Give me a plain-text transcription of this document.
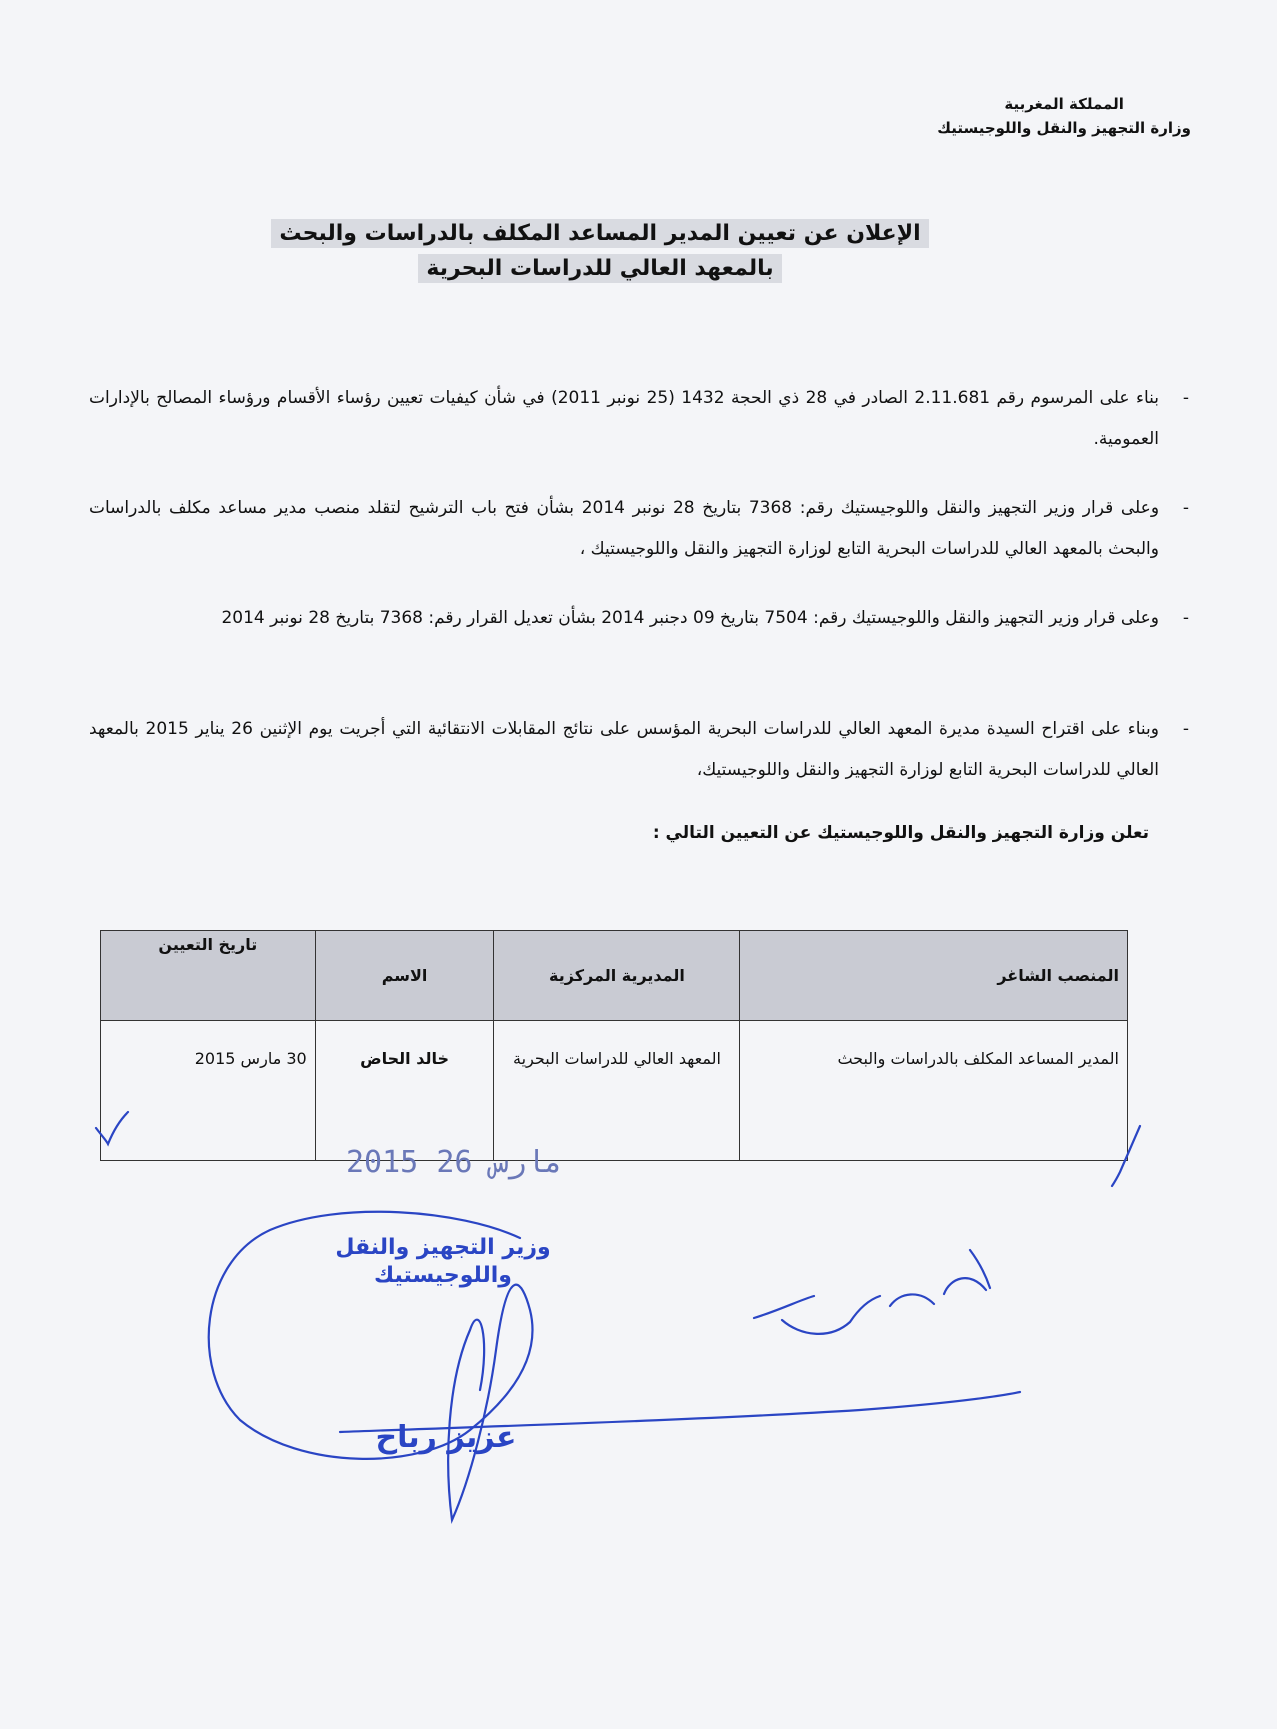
المملكة المغربية
وزارة التجهيز والنقل واللوجيستيك
الإعلان عن تعيين المدير المساعد المكلف بالدراسات والبحث
بالمعهد العالي للدراسات البحرية
-
بناء على المرسوم رقم 2.11.681 الصادر في 28 ذي الحجة 1432 (25 نونبر 2011) في شأن كيفيات تعيين رؤساء الأقسام ورؤساء المصالح بالإدارات العمومية.
-
وعلى قرار وزير التجهيز والنقل واللوجيستيك رقم: 7368 بتاريخ 28 نونبر 2014 بشأن فتح باب الترشيح لتقلد منصب مدير مساعد مكلف بالدراسات والبحث بالمعهد العالي للدراسات البحرية التابع لوزارة التجهيز والنقل واللوجيستيك ،
-
وعلى قرار وزير التجهيز والنقل واللوجيستيك رقم: 7504 بتاريخ 09 دجنبر 2014 بشأن تعديل القرار رقم: 7368 بتاريخ 28 نونبر 2014
-
وبناء على اقتراح السيدة مديرة المعهد العالي للدراسات البحرية المؤسس على نتائج المقابلات الانتقائية التي أجريت يوم الإثنين 26 يناير 2015 بالمعهد العالي للدراسات البحرية التابع لوزارة التجهيز والنقل واللوجيستيك،
تعلن وزارة التجهيز والنقل واللوجيستيك عن التعيين التالي :
المنصب الشاغر	المديرية المركزية	الاسم	تاريخ التعيين
المدير المساعد المكلف بالدراسات والبحث	المعهد العالي للدراسات البحرية	خالد الحاض	30 مارس 2015
2015 مارس 26
وزير التجهيز والنقل
واللوجيستيك
عزيز رباح
